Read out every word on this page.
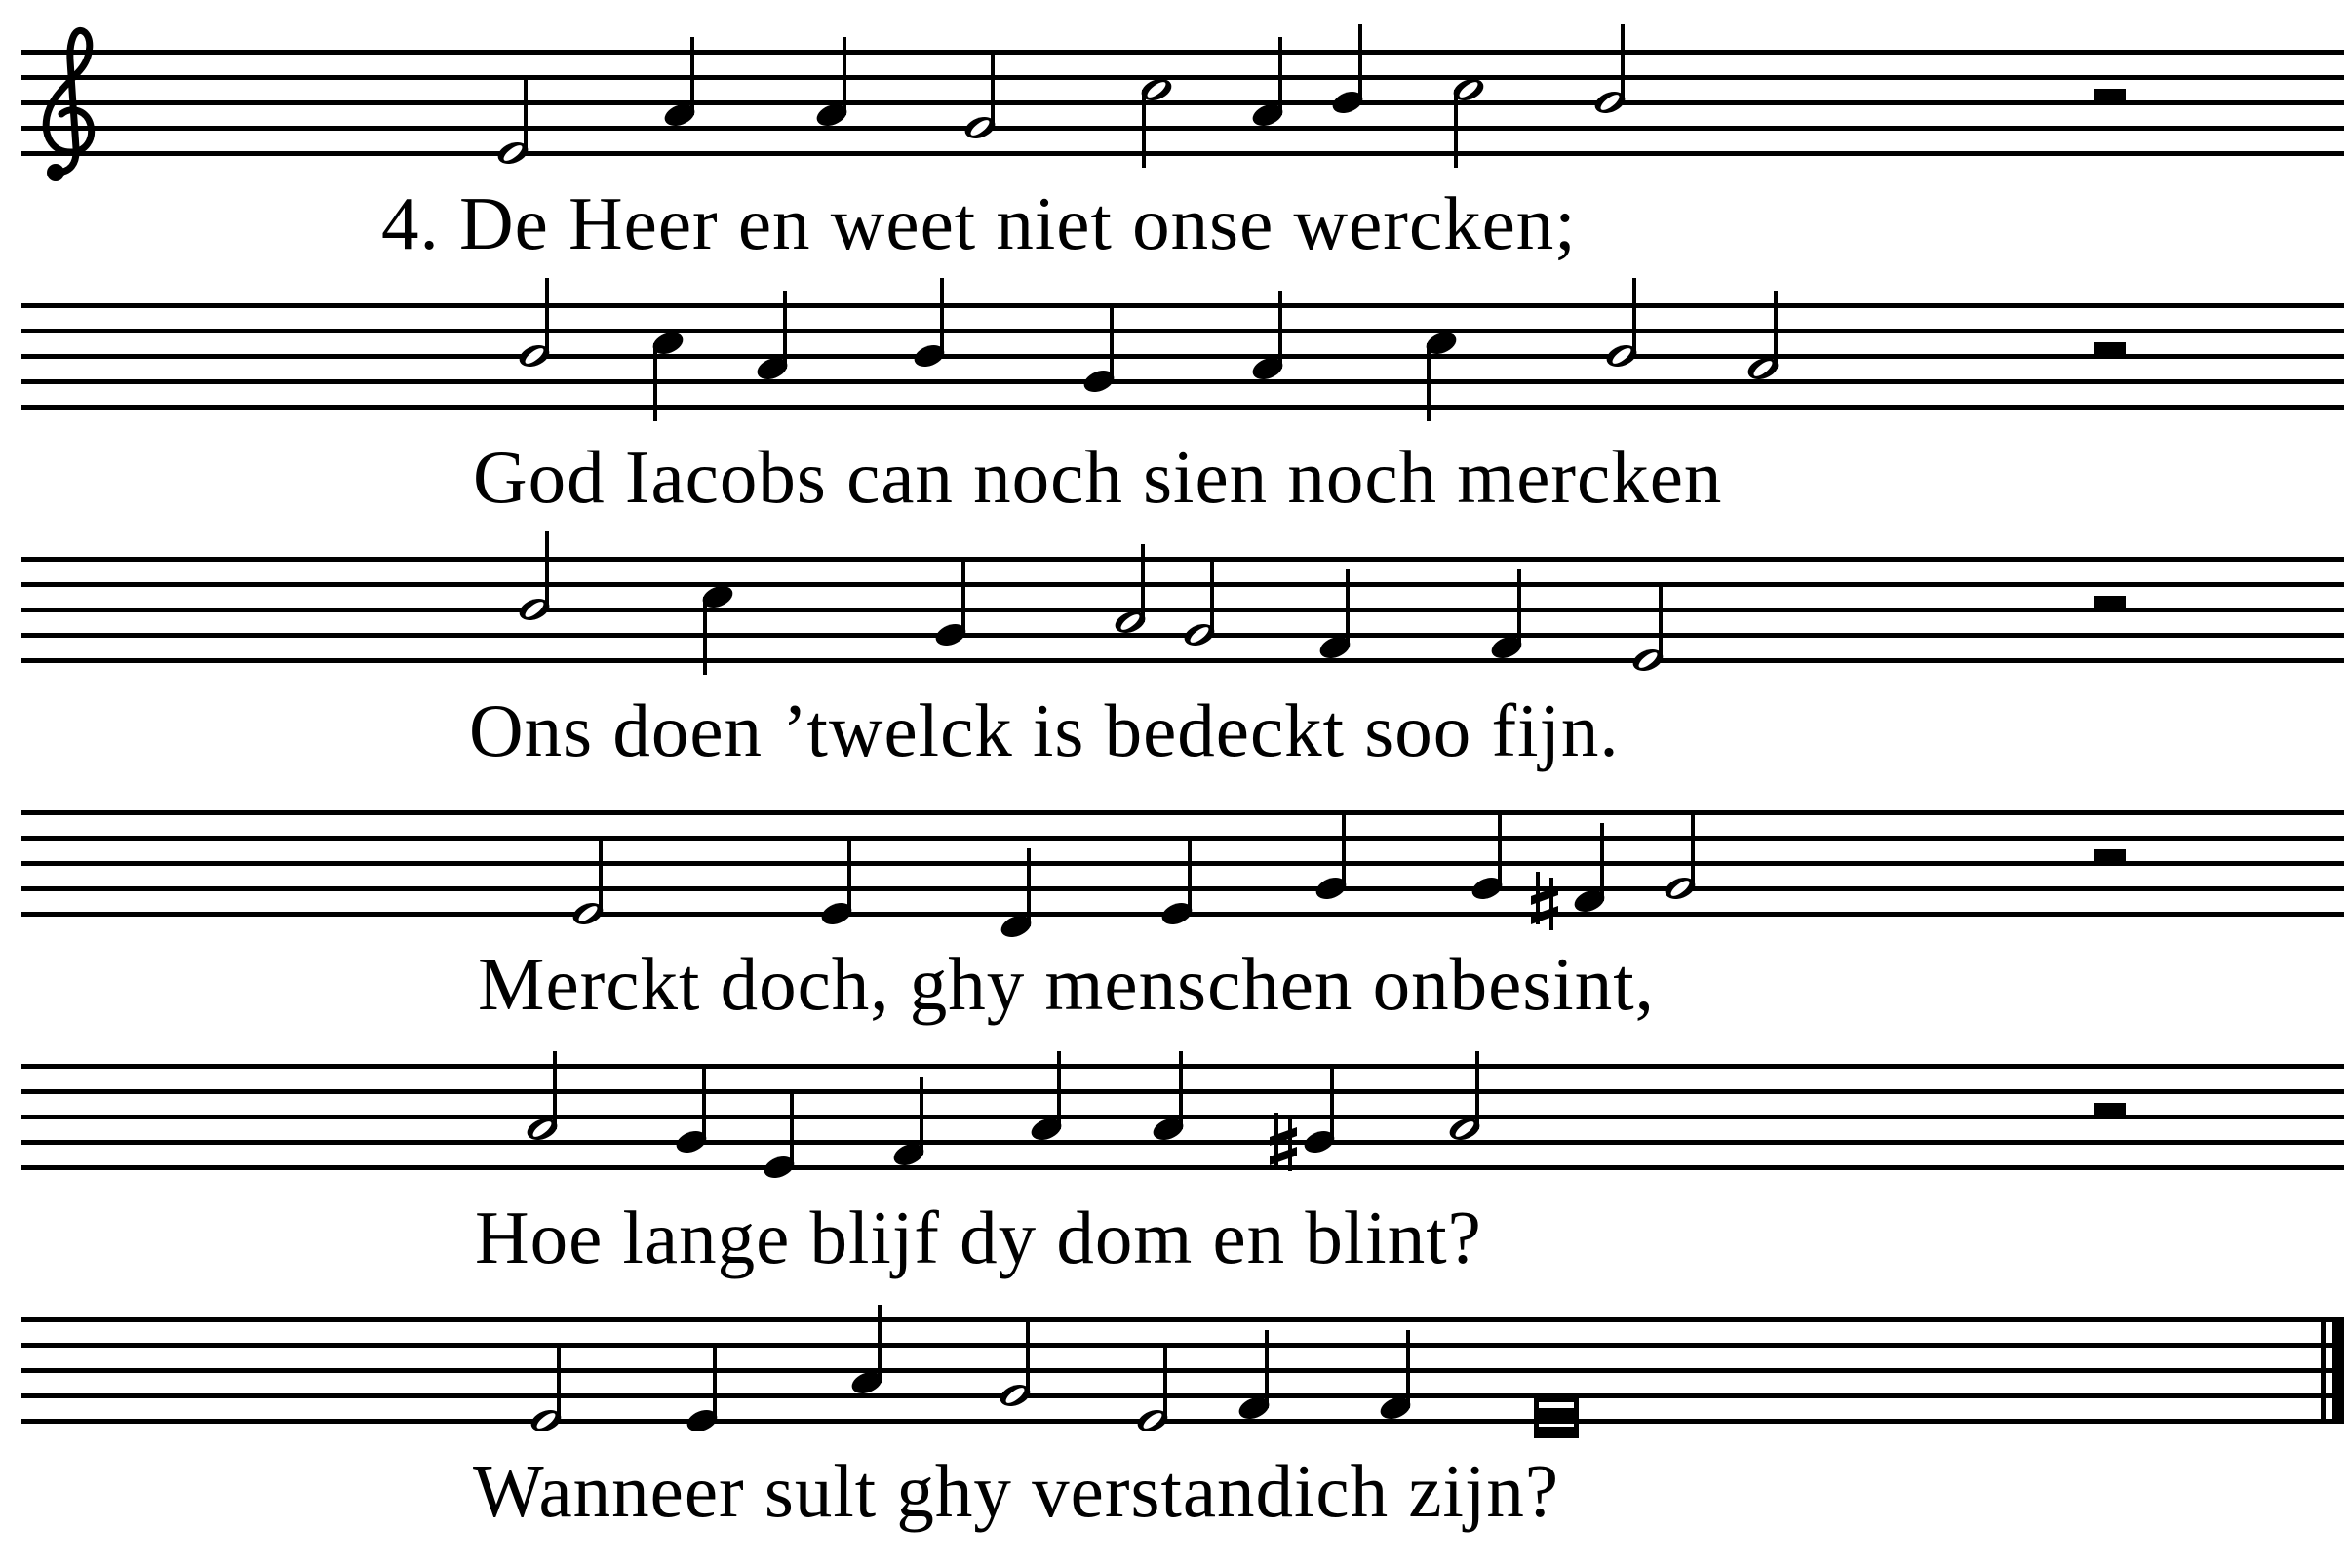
4. De Heer en weet niet onse wercken;
God Iacobs can noch sien noch mercken
Ons doen ’twelck is bedeckt soo fijn.
Merckt doch, ghy menschen onbesint,
Hoe lange blijf dy dom en blint?
Wanneer sult ghy verstandich zijn?
